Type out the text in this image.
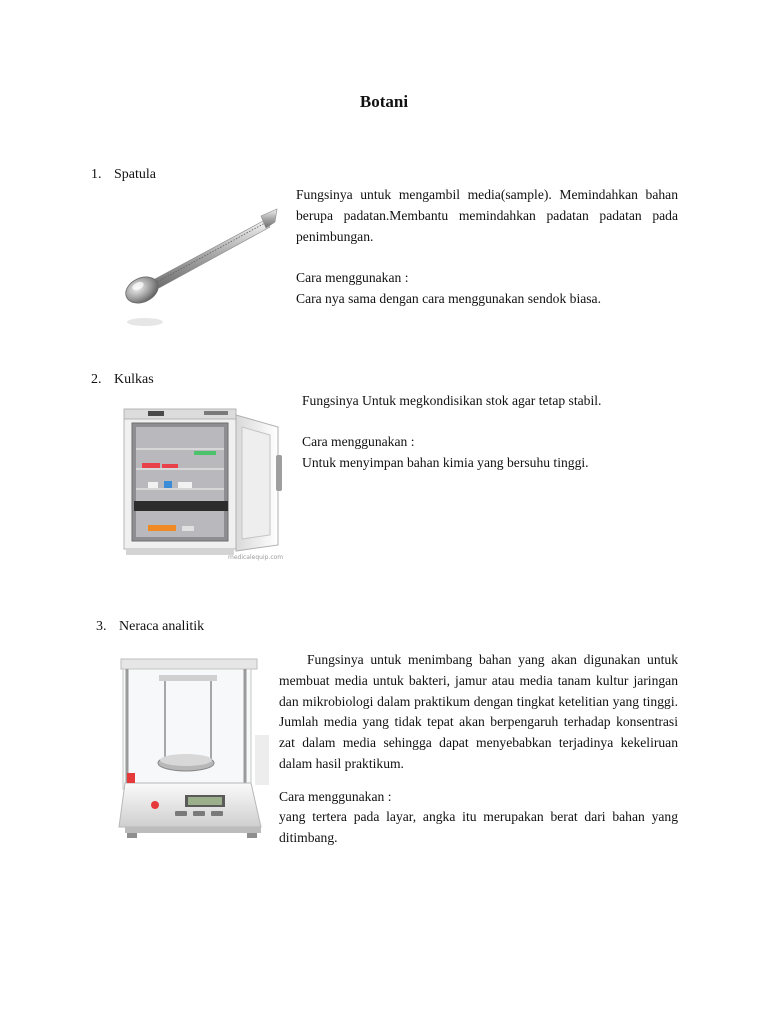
Botani
1. Spatula
Fungsinya untuk mengambil media(sample). Memindahkan bahan berupa padatan.Membantu memindahkan padatan padatan pada penimbungan.
Cara menggunakan :
Cara nya sama dengan cara menggunakan sendok biasa.
2. Kulkas
medicalequip.com
Fungsinya Untuk megkondisikan stok agar tetap stabil.
Cara menggunakan :
Untuk menyimpan bahan kimia yang bersuhu tinggi.
3. Neraca analitik
Fungsinya untuk menimbang bahan yang akan digunakan untuk membuat media untuk bakteri, jamur atau media tanam kultur jaringan dan mikrobiologi dalam praktikum dengan tingkat ketelitian yang tinggi. Jumlah media yang tidak tepat akan berpengaruh terhadap konsentrasi zat dalam media sehingga dapat menyebabkan terjadinya kekeliruan dalam hasil praktikum.
Cara menggunakan :
yang tertera pada layar, angka itu merupakan berat dari bahan yang ditimbang.
